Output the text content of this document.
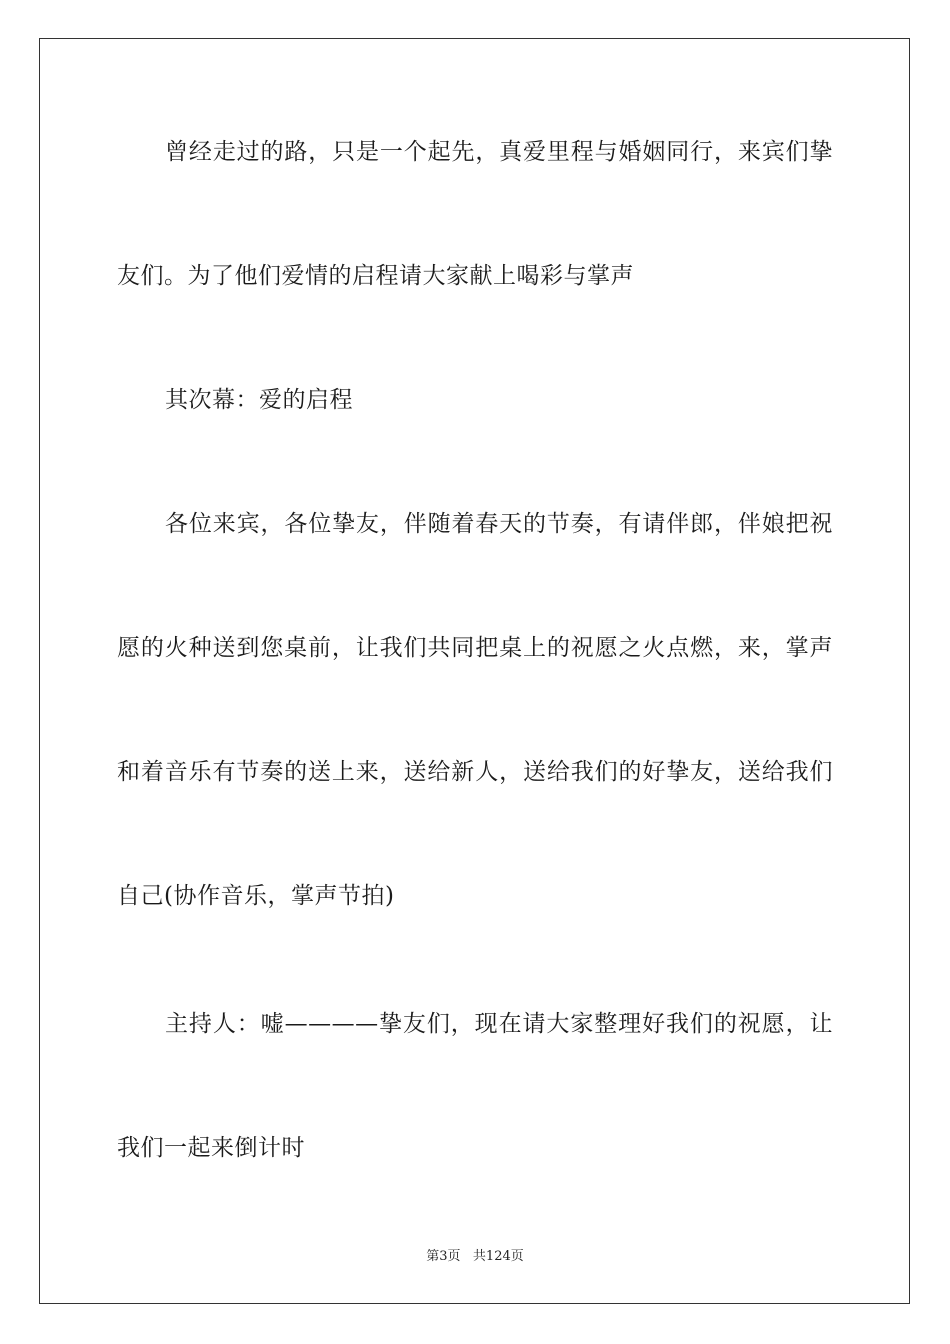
曾经走过的路，只是一个起先，真爱里程与婚姻同行，来宾们挚
友们。为了他们爱情的启程请大家献上喝彩与掌声
其次幕：爱的启程
各位来宾，各位挚友，伴随着春天的节奏，有请伴郎，伴娘把祝
愿的火种送到您桌前，让我们共同把桌上的祝愿之火点燃，来，掌声
和着音乐有节奏的送上来，送给新人，送给我们的好挚友，送给我们
自己(协作音乐，掌声节拍)
主持人：嘘————挚友们，现在请大家整理好我们的祝愿，让
我们一起来倒计时
第3页 共124页
